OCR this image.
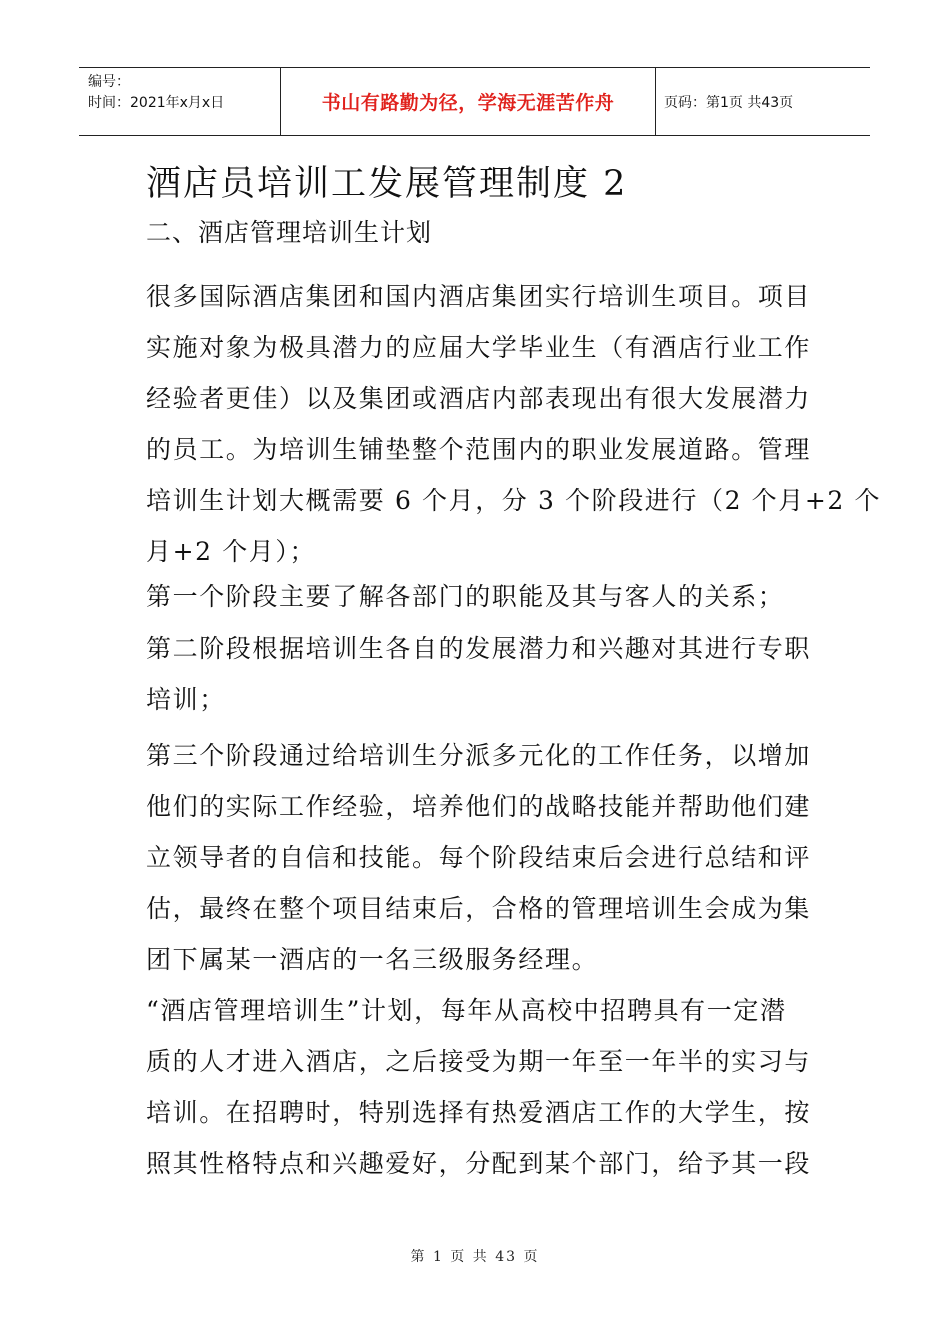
编号：
时间：2021年x月x日	书山有路勤为径，学海无涯苦作舟	页码：第1页 共43页
酒店员培训工发展管理制度 2
二、酒店管理培训生计划
很多国际酒店集团和国内酒店集团实行培训生项目。项目
实施对象为极具潜力的应届大学毕业生（有酒店行业工作
经验者更佳）以及集团或酒店内部表现出有很大发展潜力
的员工。为培训生铺垫整个范围内的职业发展道路。管理
培训生计划大概需要 6 个月，分 3 个阶段进行（2 个月+2 个
月+2 个月）；
第一个阶段主要了解各部门的职能及其与客人的关系；
第二阶段根据培训生各自的发展潜力和兴趣对其进行专职
培训；
第三个阶段通过给培训生分派多元化的工作任务，以增加
他们的实际工作经验，培养他们的战略技能并帮助他们建
立领导者的自信和技能。每个阶段结束后会进行总结和评
估，最终在整个项目结束后，合格的管理培训生会成为集
团下属某一酒店的一名三级服务经理。
“酒店管理培训生”计划，每年从高校中招聘具有一定潜
质的人才进入酒店，之后接受为期一年至一年半的实习与
培训。在招聘时，特别选择有热爱酒店工作的大学生，按
照其性格特点和兴趣爱好，分配到某个部门，给予其一段
第 1 页 共 43 页
